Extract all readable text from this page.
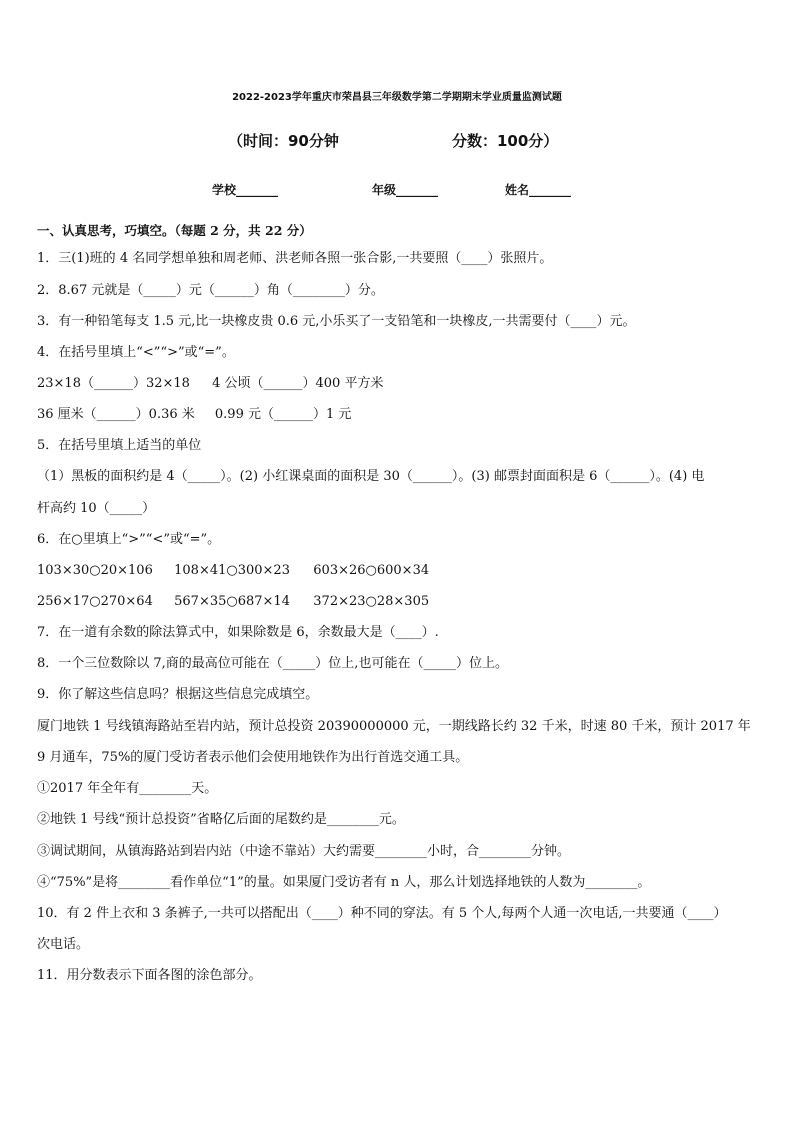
2022-2023学年重庆市荣昌县三年级数学第二学期期末学业质量监测试题
（时间：90分钟	分数：100分）
学校_______	年级_______	姓名_______
一、认真思考，巧填空。（每题 2 分，共 22 分）
1．三(1)班的 4 名同学想单独和周老师、洪老师各照一张合影,一共要照（____）张照片。
2．8.67 元就是（_____）元（______）角（________）分。
3．有一种铅笔每支 1.5 元,比一块橡皮贵 0.6 元,小乐买了一支铅笔和一块橡皮,一共需要付（____）元。
4．在括号里填上“<”“>”或“=”。
23×18（______）32×18 4 公顷（______）400 平方米
36 厘米（______）0.36 米 0.99 元（______）1 元
5．在括号里填上适当的单位
（1）黑板的面积约是 4（_____）。(2) 小红课桌面的面积是 30（______）。(3) 邮票封面面积是 6（______）。(4) 电
杆高约 10（_____）
6．在○里填上“>”“<”或“=”。
103×30○20×106 108×41○300×23 603×26○600×34
256×17○270×64 567×35○687×14 372×23○28×305
7．在一道有余数的除法算式中，如果除数是 6，余数最大是（____）.
8．一个三位数除以 7,商的最高位可能在（_____）位上,也可能在（_____）位上。
9．你了解这些信息吗？根据这些信息完成填空。
厦门地铁 1 号线镇海路站至岩内站，预计总投资 20390000000 元，一期线路长约 32 千米，时速 80 千米，预计 2017 年
9 月通车，75%的厦门受访者表示他们会使用地铁作为出行首选交通工具。
①2017 年全年有________天。
②地铁 1 号线“预计总投资”省略亿后面的尾数约是________元。
③调试期间，从镇海路站到岩内站（中途不靠站）大约需要________小时，合________分钟。
④“75%”是将________看作单位“1”的量。如果厦门受访者有 n 人，那么计划选择地铁的人数为________。
10．有 2 件上衣和 3 条裤子,一共可以搭配出（____）种不同的穿法。有 5 个人,每两个人通一次电话,一共要通（____）
次电话。
11．用分数表示下面各图的涂色部分。
